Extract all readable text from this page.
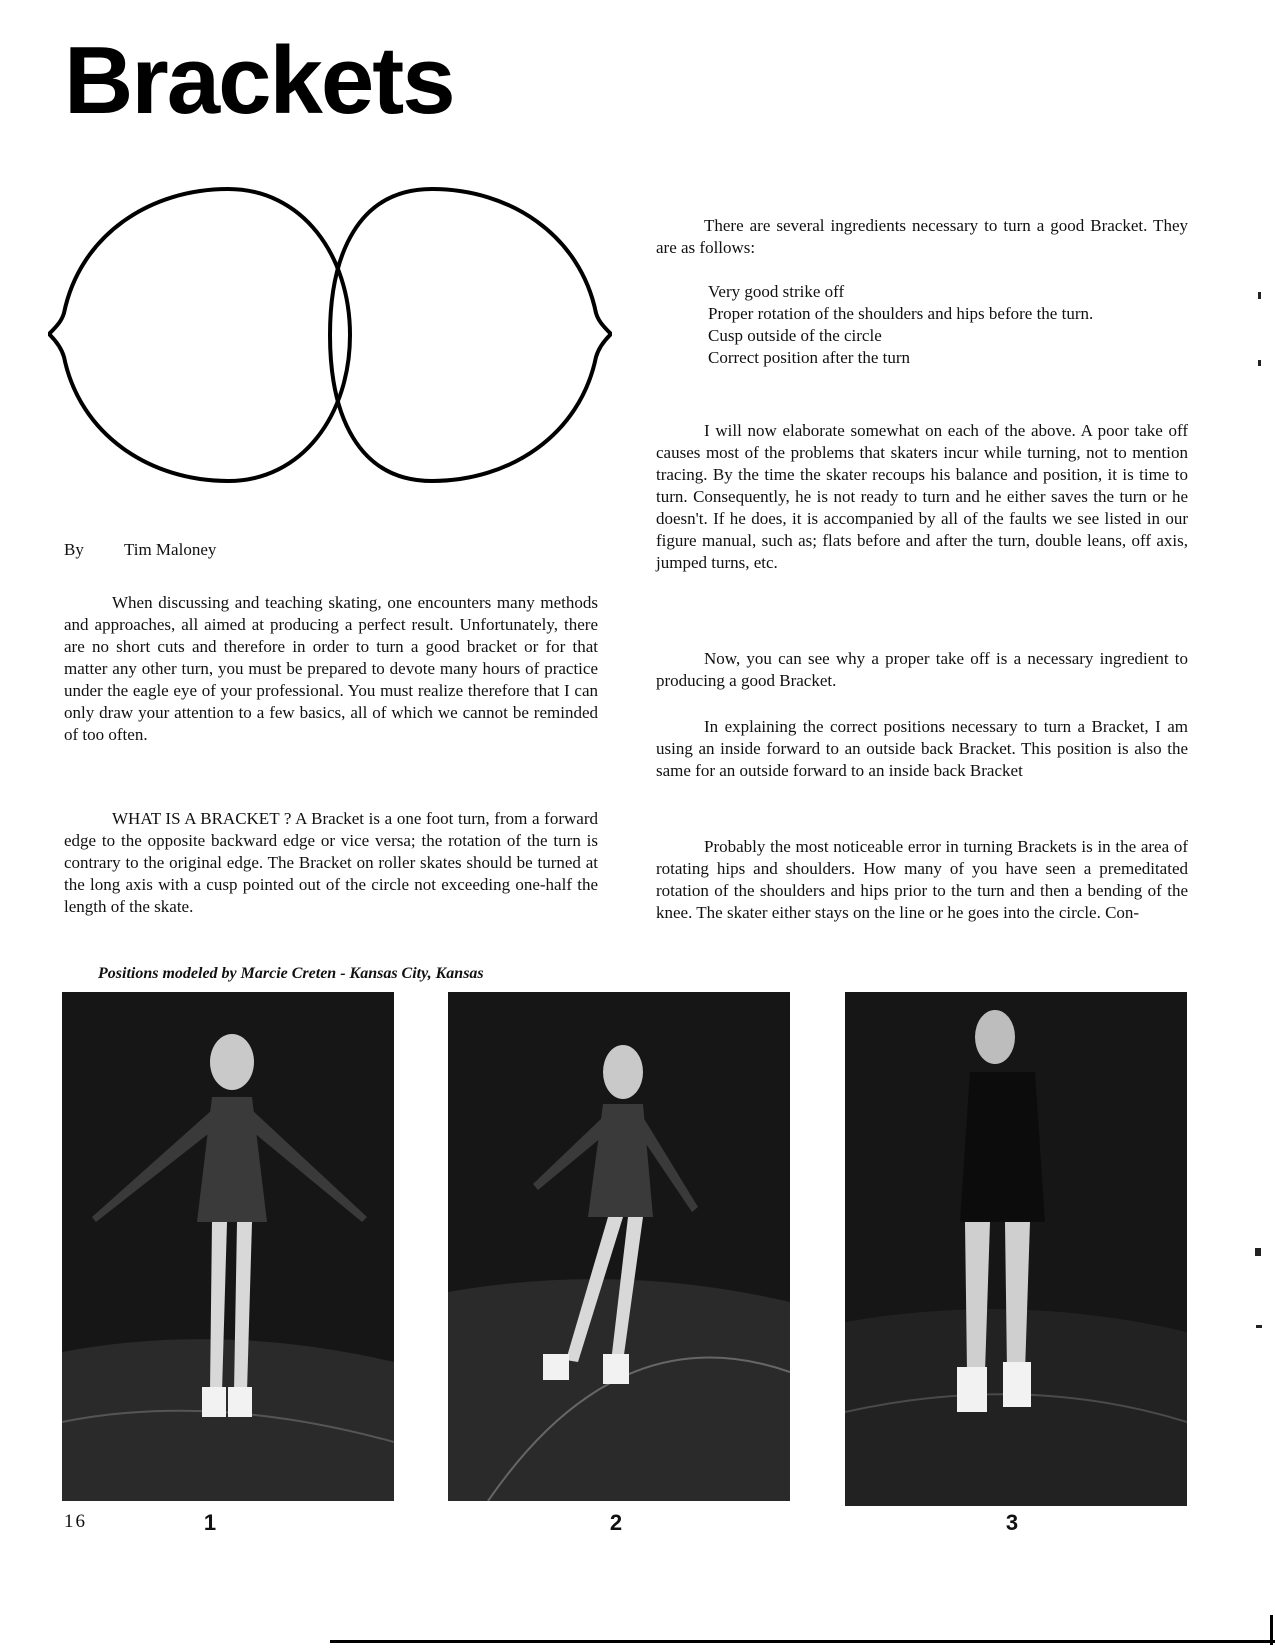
Brackets
By Tim Maloney

When discussing and teaching skating, one encounters many methods and approaches, all aimed at producing a perfect result. Unfortunately, there are no short cuts and therefore in order to turn a good bracket or for that matter any other turn, you must be prepared to devote many hours of practice under the eagle eye of your professional. You must realize therefore that I can only draw your attention to a few basics, all of which we cannot be reminded of too often.

WHAT IS A BRACKET ? A Bracket is a one foot turn, from a forward edge to the opposite backward edge or vice versa; the rotation of the turn is contrary to the original edge. The Bracket on roller skates should be turned at the long axis with a cusp pointed out of the circle not exceeding one-half the length of the skate.

There are several ingredients necessary to turn a good Bracket. They are as follows:

Very good strike off

Proper rotation of the shoulders and hips before the turn.

Cusp outside of the circle

Correct position after the turn

I will now elaborate somewhat on each of the above. A poor take off causes most of the problems that skaters incur while turning, not to mention tracing. By the time the skater recoups his balance and position, it is time to turn. Consequently, he is not ready to turn and he either saves the turn or he doesn't. If he does, it is accompanied by all of the faults we see listed in our figure manual, such as; flats before and after the turn, double leans, off axis, jumped turns, etc.

Now, you can see why a proper take off is a necessary ingredient to producing a good Bracket.

In explaining the correct positions necessary to turn a Bracket, I am using an inside forward to an outside back Bracket. This position is also the same for an outside forward to an inside back Bracket

Probably the most noticeable error in turning Brackets is in the area of rotating hips and shoulders. How many of you have seen a premeditated rotation of the shoulders and hips prior to the turn and then a bending of the knee. The skater either stays on the line or he goes into the circle. Con-

Positions modeled by Marcie Creten - Kansas City, Kansas
1	2	3
16
